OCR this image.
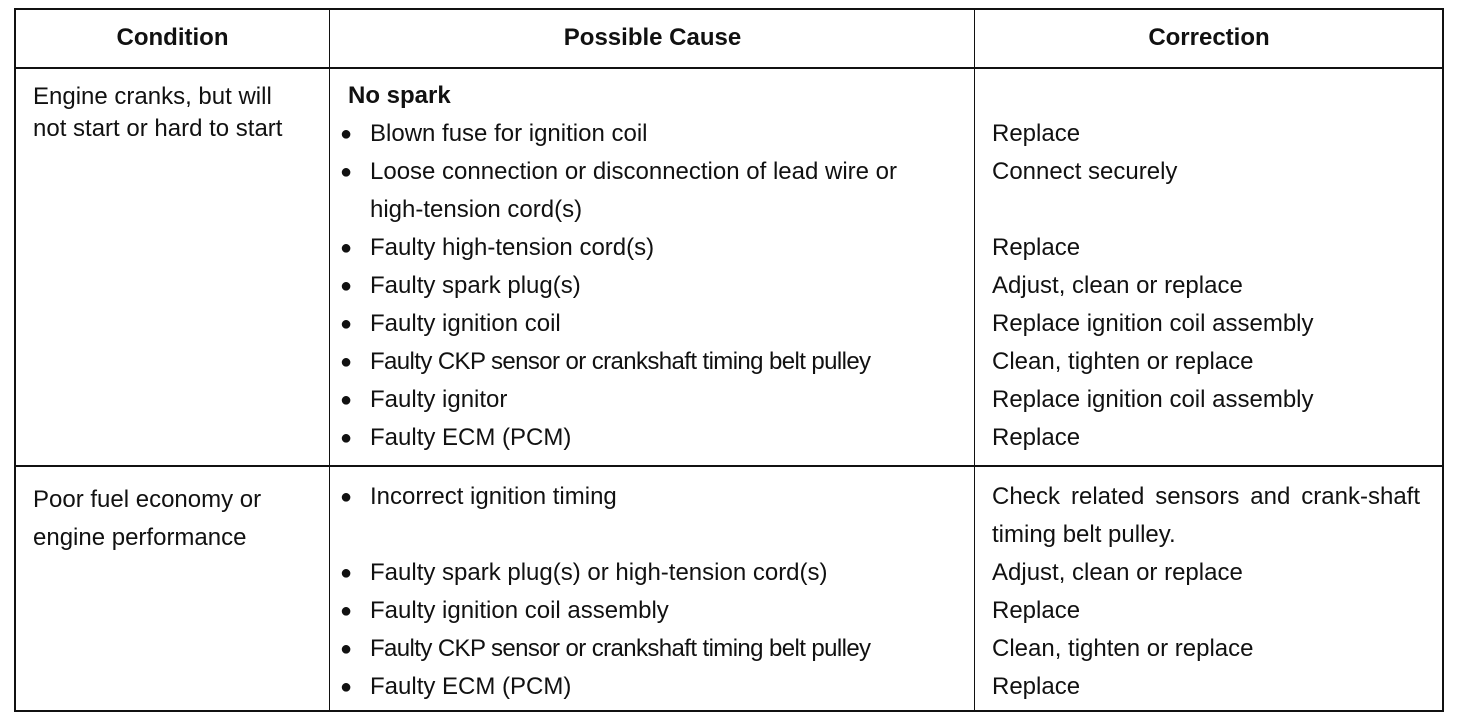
Condition	Possible Cause	Correction
Engine cranks, but will not start or hard to start
No spark
● Blown fuse for ignition coil
● Loose connection or disconnection of lead wire or
high-tension cord(s)
● Faulty high-tension cord(s)
● Faulty spark plug(s)
● Faulty ignition coil
● Faulty CKP sensor or crankshaft timing belt pulley
● Faulty ignitor
● Faulty ECM (PCM)
Replace
Connect securely
Replace
Adjust, clean or replace
Replace ignition coil assembly
Clean, tighten or replace
Replace ignition coil assembly
Replace
Poor fuel economy or engine performance
● Incorrect ignition timing
● Faulty spark plug(s) or high-tension cord(s)
● Faulty ignition coil assembly
● Faulty CKP sensor or crankshaft timing belt pulley
● Faulty ECM (PCM)
Check related sensors and crank-shaft timing belt pulley.
Adjust, clean or replace
Replace
Clean, tighten or replace
Replace
